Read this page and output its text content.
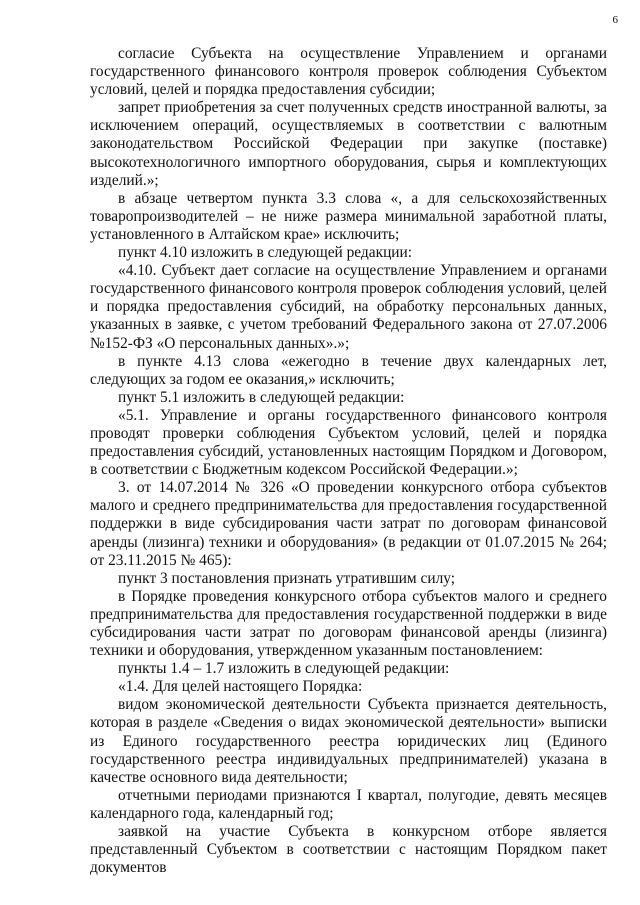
6

согласие Субъекта на осуществление Управлением и органами государственного финансового контроля проверок соблюдения Субъектом условий, целей и порядка предоставления субсидии;

запрет приобретения за счет полученных средств иностранной валюты, за исключением операций, осуществляемых в соответствии с валютным законодательством Российской Федерации при закупке (поставке) высокотехнологичного импортного оборудования, сырья и комплектующих изделий.»;

в абзаце четвертом пункта 3.3 слова «, а для сельскохозяйственных товаропроизводителей – не ниже размера минимальной заработной платы, установленного в Алтайском крае» исключить;

пункт 4.10 изложить в следующей редакции:

«4.10. Субъект дает согласие на осуществление Управлением и органами государственного финансового контроля проверок соблюдения условий, целей и порядка предоставления субсидий, на обработку персональных данных, указанных в заявке, с учетом требований Федерального закона от 27.07.2006 №152-ФЗ «О персональных данных».»;

в пункте 4.13 слова «ежегодно в течение двух календарных лет, следующих за годом ее оказания,» исключить;

пункт 5.1 изложить в следующей редакции:

«5.1. Управление и органы государственного финансового контроля проводят проверки соблюдения Субъектом условий, целей и порядка предоставления субсидий, установленных настоящим Порядком и Договором, в соответствии с Бюджетным кодексом Российской Федерации.»;

3. от 14.07.2014 № 326 «О проведении конкурсного отбора субъектов малого и среднего предпринимательства для предоставления государственной поддержки в виде субсидирования части затрат по договорам финансовой аренды (лизинга) техники и оборудования» (в редакции от 01.07.2015 № 264; от 23.11.2015 № 465):

пункт 3 постановления признать утратившим силу;

в Порядке проведения конкурсного отбора субъектов малого и среднего предпринимательства для предоставления государственной поддержки в виде субсидирования части затрат по договорам финансовой аренды (лизинга) техники и оборудования, утвержденном указанным постановлением:

пункты 1.4 – 1.7 изложить в следующей редакции:

«1.4. Для целей настоящего Порядка:

видом экономической деятельности Субъекта признается деятельность, которая в разделе «Сведения о видах экономической деятельности» выписки из Единого государственного реестра юридических лиц (Единого государственного реестра индивидуальных предпринимателей) указана в качестве основного вида деятельности;

отчетными периодами признаются I квартал, полугодие, девять месяцев календарного года, календарный год;

заявкой на участие Субъекта в конкурсном отборе является представленный Субъектом в соответствии с настоящим Порядком пакет документов
